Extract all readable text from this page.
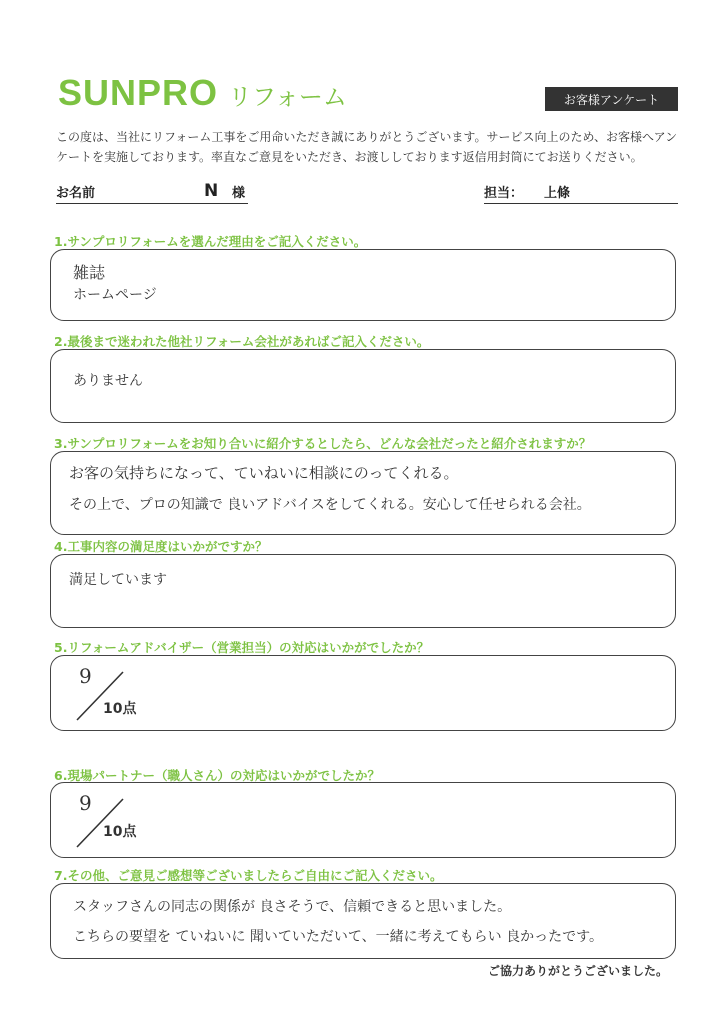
SUNPRO リフォーム	お客様アンケート
この度は、当社にリフォーム工事をご用命いただき誠にありがとうございます。サービス向上のため、お客様へアンケートを実施しております。率直なご意見をいただき、お渡ししております返信用封筒にてお送りください。
お名前	N 様	担当： 上條
1.サンプロリフォームを選んだ理由をご記入ください。
雑誌
ホームページ
2.最後まで迷われた他社リフォーム会社があればご記入ください。
ありません
3.サンプロリフォームをお知り合いに紹介するとしたら、どんな会社だったと紹介されますか？
お客の気持ちになって、ていねいに相談にのってくれる。
その上で、プロの知識で 良いアドバイスをしてくれる。安心して任せられる会社。
4.工事内容の満足度はいかがですか？
満足しています
5.リフォームアドバイザー（営業担当）の対応はいかがでしたか？
9
10点
6.現場パートナー（職人さん）の対応はいかがでしたか？
9
10点
7.その他、ご意見ご感想等ございましたらご自由にご記入ください。
スタッフさんの同志の関係が 良さそうで、信頼できると思いました。
こちらの要望を ていねいに 聞いていただいて、一緒に考えてもらい 良かったです。
ご協力ありがとうございました。
